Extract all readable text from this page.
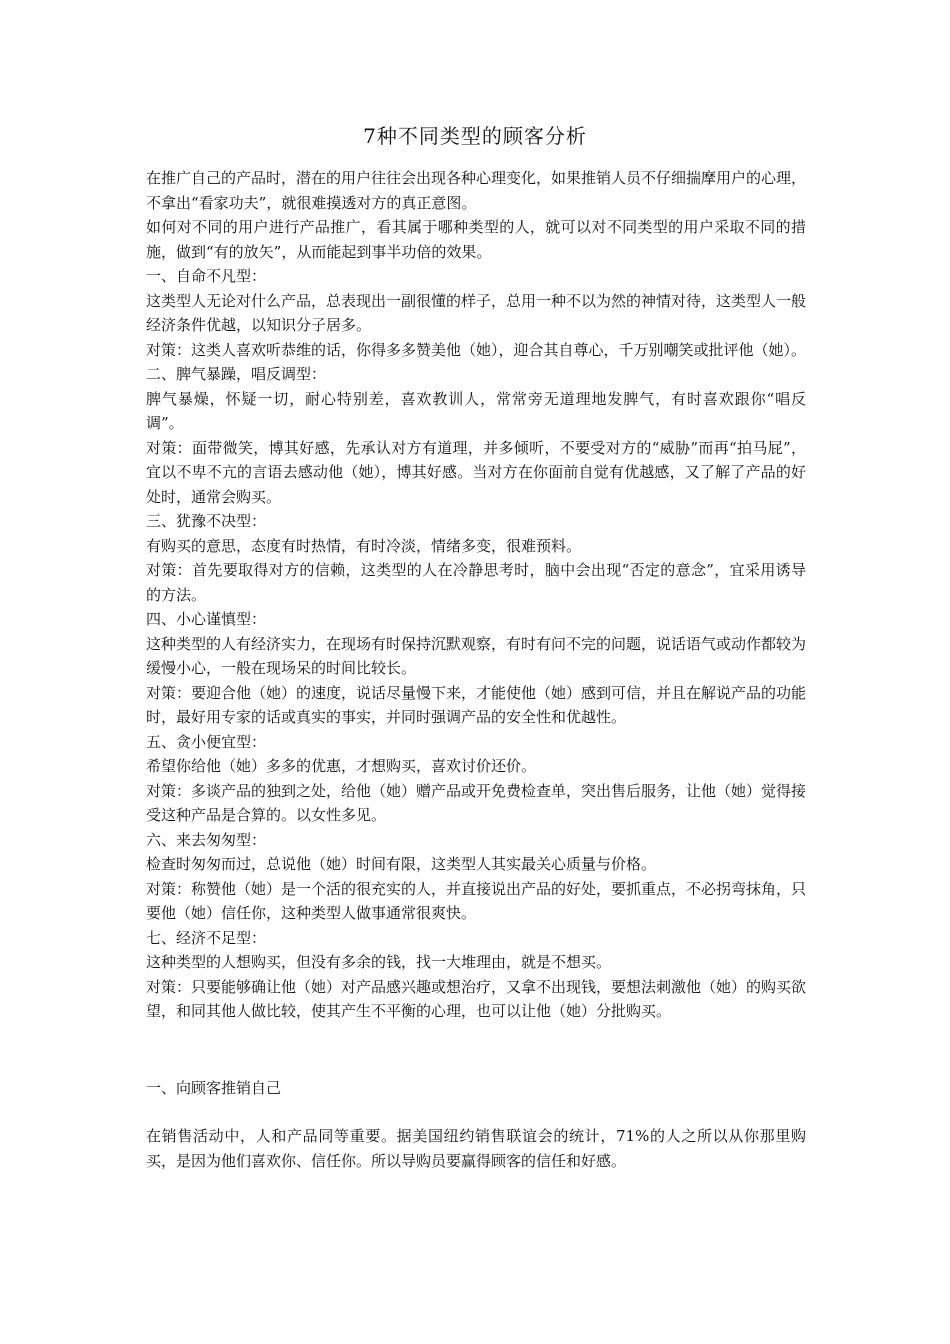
7种不同类型的顾客分析

在推广自己的产品时，潜在的用户往往会出现各种心理变化，如果推销人员不仔细揣摩用户的心理，不拿出“看家功夫”，就很难摸透对方的真正意图。

如何对不同的用户进行产品推广，看其属于哪种类型的人，就可以对不同类型的用户采取不同的措施，做到“有的放矢”，从而能起到事半功倍的效果。

一、自命不凡型：

这类型人无论对什么产品，总表现出一副很懂的样子，总用一种不以为然的神情对待，这类型人一般经济条件优越，以知识分子居多。

对策：这类人喜欢听恭维的话，你得多多赞美他（她），迎合其自尊心，千万别嘲笑或批评他（她）。

二、脾气暴躁，唱反调型：

脾气暴燥，怀疑一切，耐心特别差，喜欢教训人，常常旁无道理地发脾气，有时喜欢跟你“唱反调”。

对策：面带微笑，博其好感，先承认对方有道理，并多倾听，不要受对方的“威胁”而再“拍马屁”，宜以不卑不亢的言语去感动他（她），博其好感。当对方在你面前自觉有优越感，又了解了产品的好处时，通常会购买。

三、犹豫不决型：

有购买的意思，态度有时热情，有时冷淡，情绪多变，很难预料。

对策：首先要取得对方的信赖，这类型的人在冷静思考时，脑中会出现“否定的意念”，宜采用诱导的方法。

四、小心谨慎型：

这种类型的人有经济实力，在现场有时保持沉默观察，有时有问不完的问题，说话语气或动作都较为缓慢小心，一般在现场呆的时间比较长。

对策：要迎合他（她）的速度，说话尽量慢下来，才能使他（她）感到可信，并且在解说产品的功能时，最好用专家的话或真实的事实，并同时强调产品的安全性和优越性。

五、贪小便宜型：

希望你给他（她）多多的优惠，才想购买，喜欢讨价还价。

对策：多谈产品的独到之处，给他（她）赠产品或开免费检查单，突出售后服务，让他（她）觉得接受这种产品是合算的。以女性多见。

六、来去匆匆型：

检查时匆匆而过，总说他（她）时间有限，这类型人其实最关心质量与价格。

对策：称赞他（她）是一个活的很充实的人，并直接说出产品的好处，要抓重点，不必拐弯抹角，只要他（她）信任你，这种类型人做事通常很爽快。

七、经济不足型：

这种类型的人想购买，但没有多余的钱，找一大堆理由，就是不想买。

对策：只要能够确让他（她）对产品感兴趣或想治疗，又拿不出现钱，要想法刺激他（她）的购买欲望，和同其他人做比较，使其产生不平衡的心理，也可以让他（她）分批购买。

一、向顾客推销自己

在销售活动中，人和产品同等重要。据美国纽约销售联谊会的统计，71%的人之所以从你那里购买，是因为他们喜欢你、信任你。所以导购员要赢得顾客的信任和好感。
